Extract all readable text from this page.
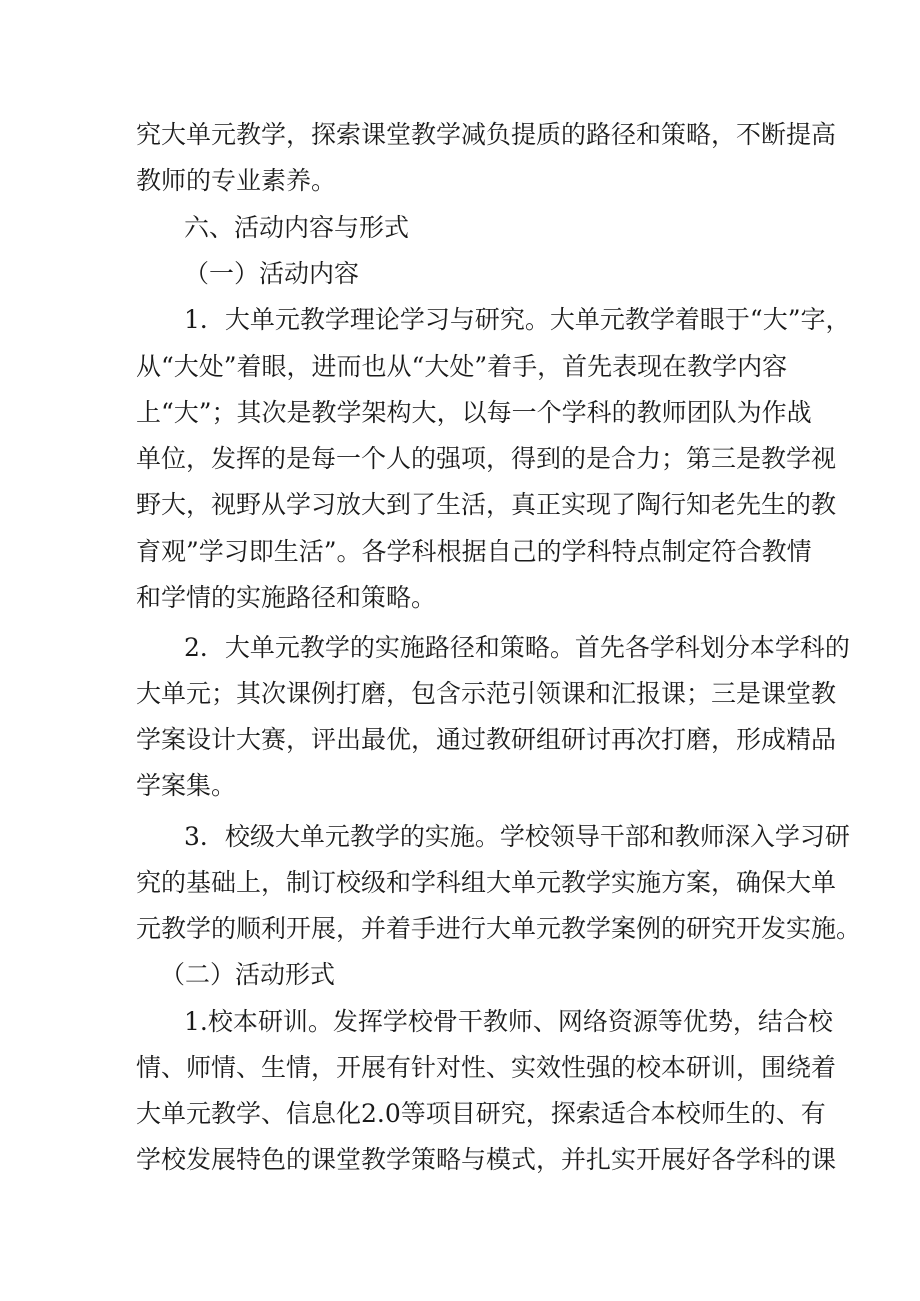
究大单元教学，探索课堂教学减负提质的路径和策略，不断提高
教师的专业素养。
六、活动内容与形式
（一）活动内容
1．大单元教学理论学习与研究。大单元教学着眼于“大”字，
从“大处”着眼，进而也从“大处”着手，首先表现在教学内容
上“大”；其次是教学架构大，以每一个学科的教师团队为作战
单位，发挥的是每一个人的强项，得到的是合力；第三是教学视
野大，视野从学习放大到了生活，真正实现了陶行知老先生的教
育观”学习即生活”。各学科根据自己的学科特点制定符合教情
和学情的实施路径和策略。
2．大单元教学的实施路径和策略。首先各学科划分本学科的
大单元；其次课例打磨，包含示范引领课和汇报课；三是课堂教
学案设计大赛，评出最优，通过教研组研讨再次打磨，形成精品
学案集。
3．校级大单元教学的实施。学校领导干部和教师深入学习研
究的基础上，制订校级和学科组大单元教学实施方案，确保大单
元教学的顺利开展，并着手进行大单元教学案例的研究开发实施。
（二）活动形式
1.校本研训。发挥学校骨干教师、网络资源等优势，结合校
情、师情、生情，开展有针对性、实效性强的校本研训，围绕着
大单元教学、信息化2.0等项目研究，探索适合本校师生的、有
学校发展特色的课堂教学策略与模式，并扎实开展好各学科的课
